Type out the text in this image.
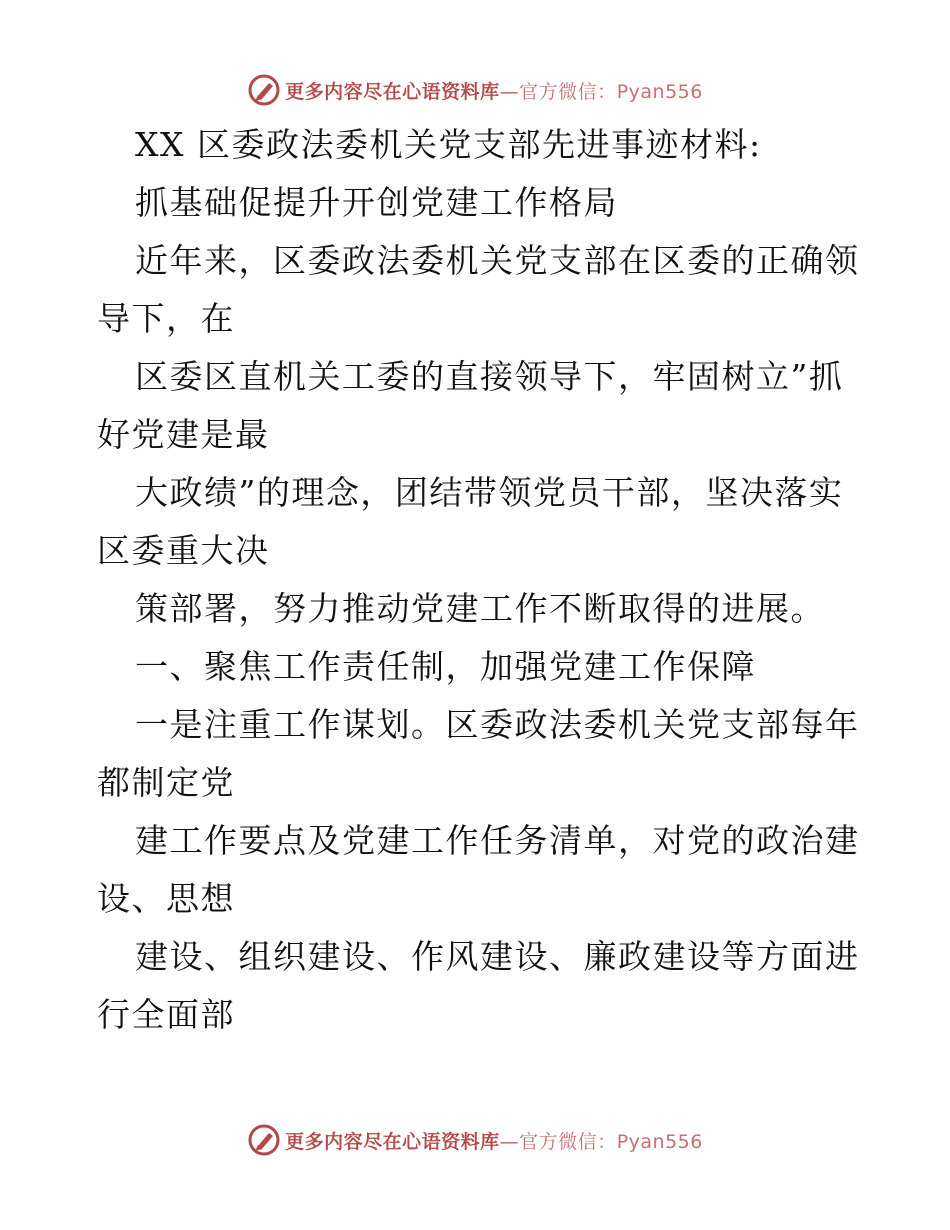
更多内容尽在心语资料库—官方微信：Pyan556
XX 区委政法委机关党支部先进事迹材料:
抓基础促提升开创党建工作格局
近年来，区委政法委机关党支部在区委的正确领
导下，在
区委区直机关工委的直接领导下，牢固树立”抓
好党建是最
大政绩”的理念，团结带领党员干部，坚决落实
区委重大决
策部署，努力推动党建工作不断取得的进展。
一、聚焦工作责任制，加强党建工作保障
一是注重工作谋划。区委政法委机关党支部每年
都制定党
建工作要点及党建工作任务清单，对党的政治建
设、思想
建设、组织建设、作风建设、廉政建设等方面进
行全面部
更多内容尽在心语资料库—官方微信：Pyan556
